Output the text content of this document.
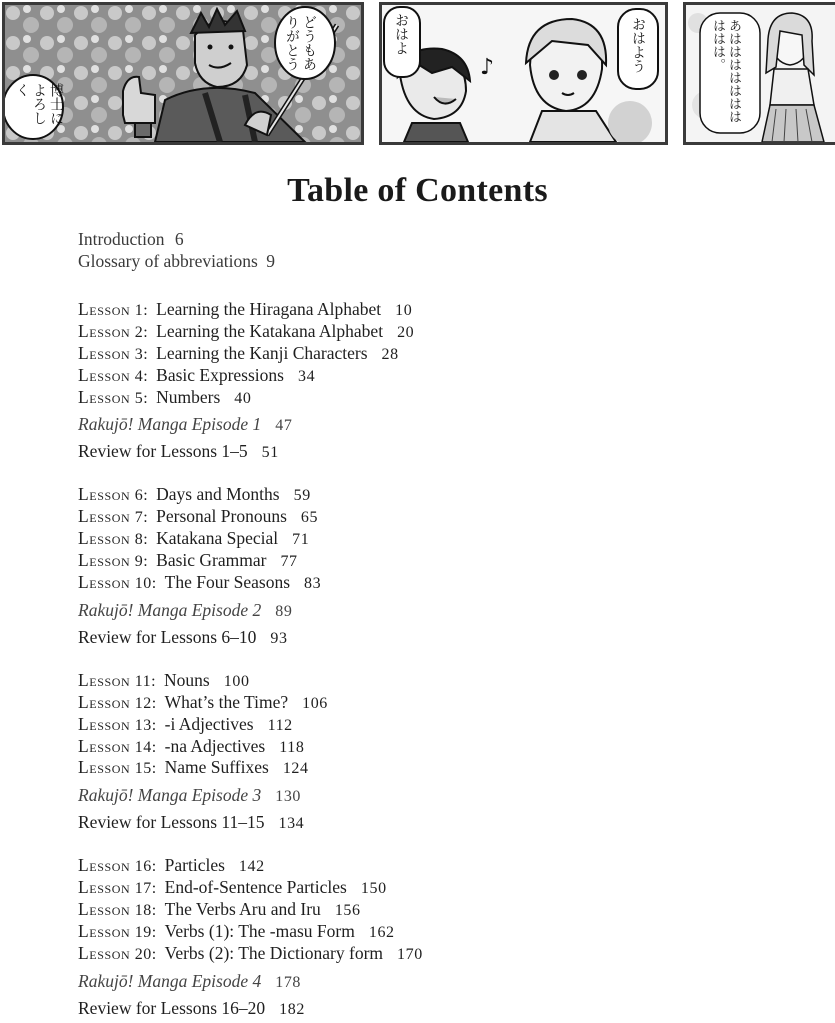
どうもありがとう
博士によろしく
おはよ	おはよう
♪	あはははははははははは。
Table of Contents
Introduction 6
Glossary of abbreviations 9
Lesson 1: Learning the Hiragana Alphabet 10
Lesson 2: Learning the Katakana Alphabet 20
Lesson 3: Learning the Kanji Characters 28
Lesson 4: Basic Expressions 34
Lesson 5: Numbers 40
Rakujō! Manga Episode 1 47
Review for Lessons 1–5 51
Lesson 6: Days and Months 59
Lesson 7: Personal Pronouns 65
Lesson 8: Katakana Special 71
Lesson 9: Basic Grammar 77
Lesson 10: The Four Seasons 83
Rakujō! Manga Episode 2 89
Review for Lessons 6–10 93
Lesson 11: Nouns 100
Lesson 12: What’s the Time? 106
Lesson 13: -i Adjectives 112
Lesson 14: -na Adjectives 118
Lesson 15: Name Suffixes 124
Rakujō! Manga Episode 3 130
Review for Lessons 11–15 134
Lesson 16: Particles 142
Lesson 17: End-of-Sentence Particles 150
Lesson 18: The Verbs Aru and Iru 156
Lesson 19: Verbs (1): The -masu Form 162
Lesson 20: Verbs (2): The Dictionary form 170
Rakujō! Manga Episode 4 178
Review for Lessons 16–20 182
